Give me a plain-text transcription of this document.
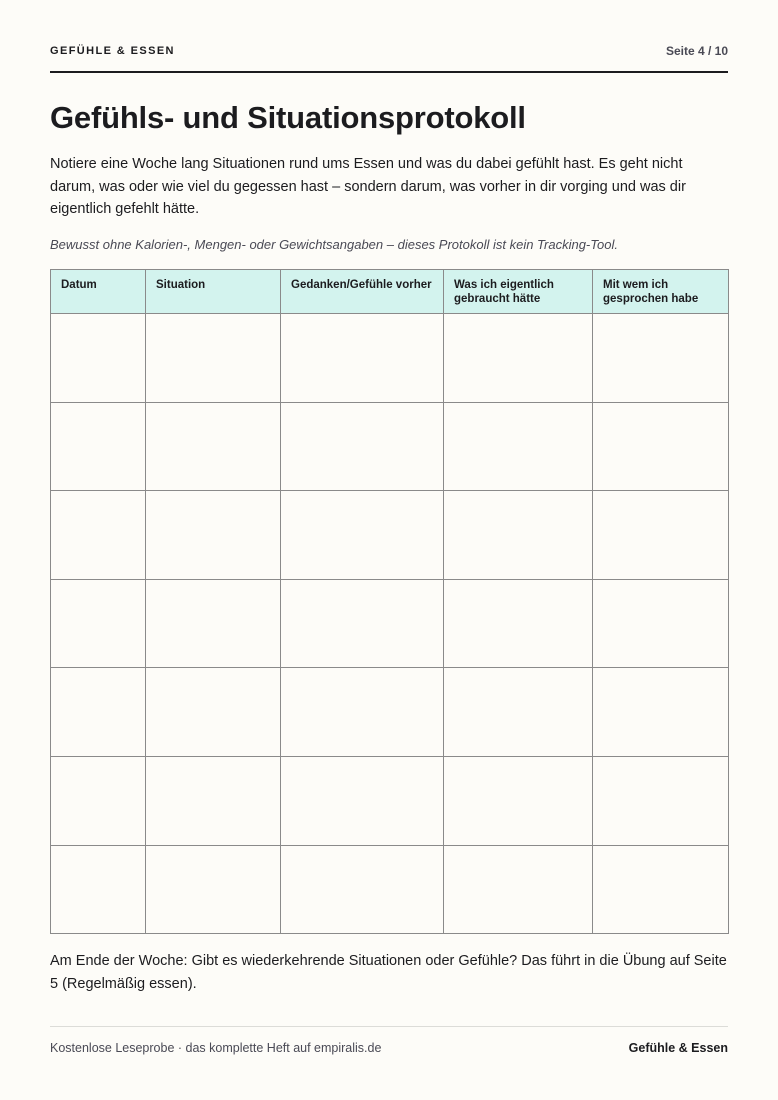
GEFÜHLE & ESSEN	Seite 4 / 10
Gefühls- und Situationsprotokoll

Notiere eine Woche lang Situationen rund ums Essen und was du dabei gefühlt hast. Es geht nicht darum, was oder wie viel du gegessen hast – sondern darum, was vorher in dir vorging und was dir eigentlich gefehlt hätte.

Bewusst ohne Kalorien-, Mengen- oder Gewichtsangaben – dieses Protokoll ist kein Tracking-Tool.

Datum	Situation	Gedanken/Gefühle vorher	Was ich eigentlich gebraucht hätte	Mit wem ich gesprochen habe

Am Ende der Woche: Gibt es wiederkehrende Situationen oder Gefühle? Das führt in die Übung auf Seite 5 (Regelmäßig essen).

Kostenlose Leseprobe · das komplette Heft auf empiralis.de	Gefühle & Essen
